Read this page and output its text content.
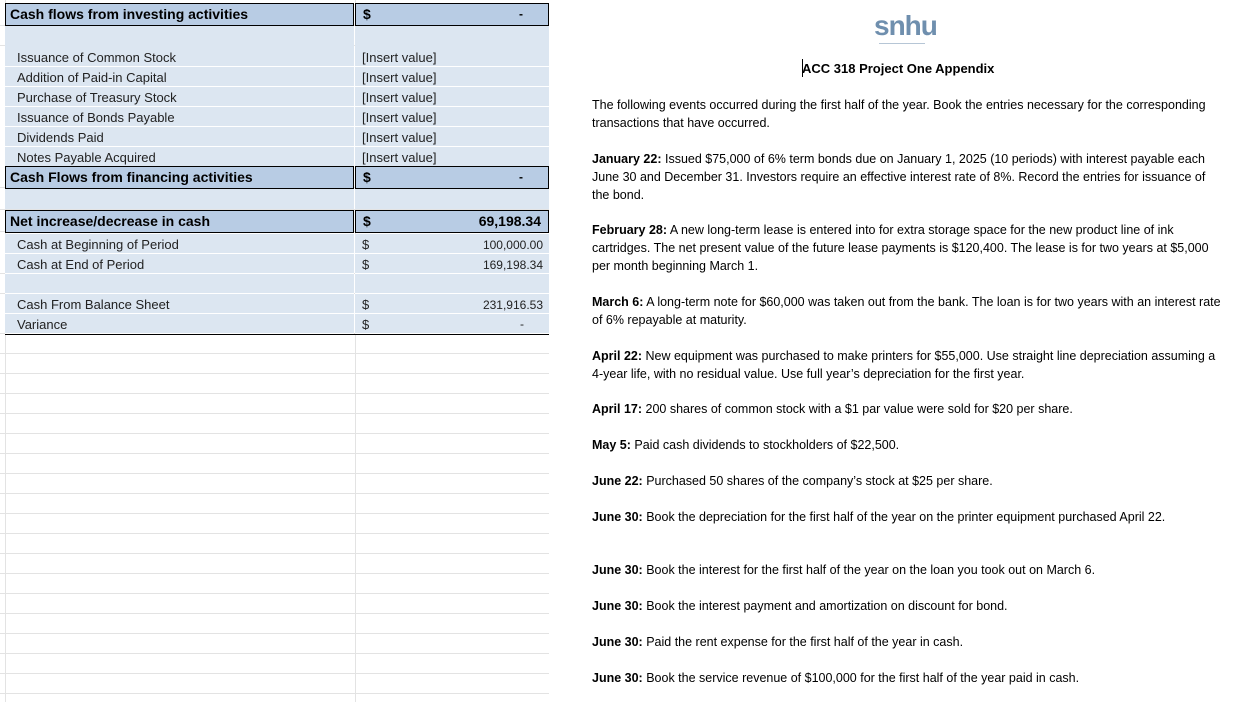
Cash flows from investing activities	$	-
Issuance of Common Stock	[Insert value]
Addition of Paid-in Capital	[Insert value]
Purchase of Treasury Stock	[Insert value]
Issuance of Bonds Payable	[Insert value]
Dividends Paid	[Insert value]
Notes Payable Acquired	[Insert value]
Cash Flows from financing activities	$	-
Net increase/decrease in cash	$	69,198.34
Cash at Beginning of Period	$	100,000.00
Cash at End of Period	$	169,198.34
Cash From Balance Sheet	$	231,916.53
Variance	$	-
snhu
ACC 318 Project One Appendix
The following events occurred during the first half of the year. Book the entries necessary for the corresponding transactions that have occurred.
January 22: Issued $75,000 of 6% term bonds due on January 1, 2025 (10 periods) with interest payable each June 30 and December 31. Investors require an effective interest rate of 8%. Record the entries for issuance of the bond.
February 28: A new long-term lease is entered into for extra storage space for the new product line of ink cartridges. The net present value of the future lease payments is $120,400. The lease is for two years at $5,000 per month beginning March 1.
March 6: A long-term note for $60,000 was taken out from the bank. The loan is for two years with an interest rate of 6% repayable at maturity.
April 22: New equipment was purchased to make printers for $55,000. Use straight line depreciation assuming a 4-year life, with no residual value. Use full year’s depreciation for the first year.
April 17: 200 shares of common stock with a $1 par value were sold for $20 per share.
May 5: Paid cash dividends to stockholders of $22,500.
June 22: Purchased 50 shares of the company’s stock at $25 per share.
June 30: Book the depreciation for the first half of the year on the printer equipment purchased April 22.
June 30: Book the interest for the first half of the year on the loan you took out on March 6.
June 30: Book the interest payment and amortization on discount for bond.
June 30: Paid the rent expense for the first half of the year in cash.
June 30: Book the service revenue of $100,000 for the first half of the year paid in cash.
